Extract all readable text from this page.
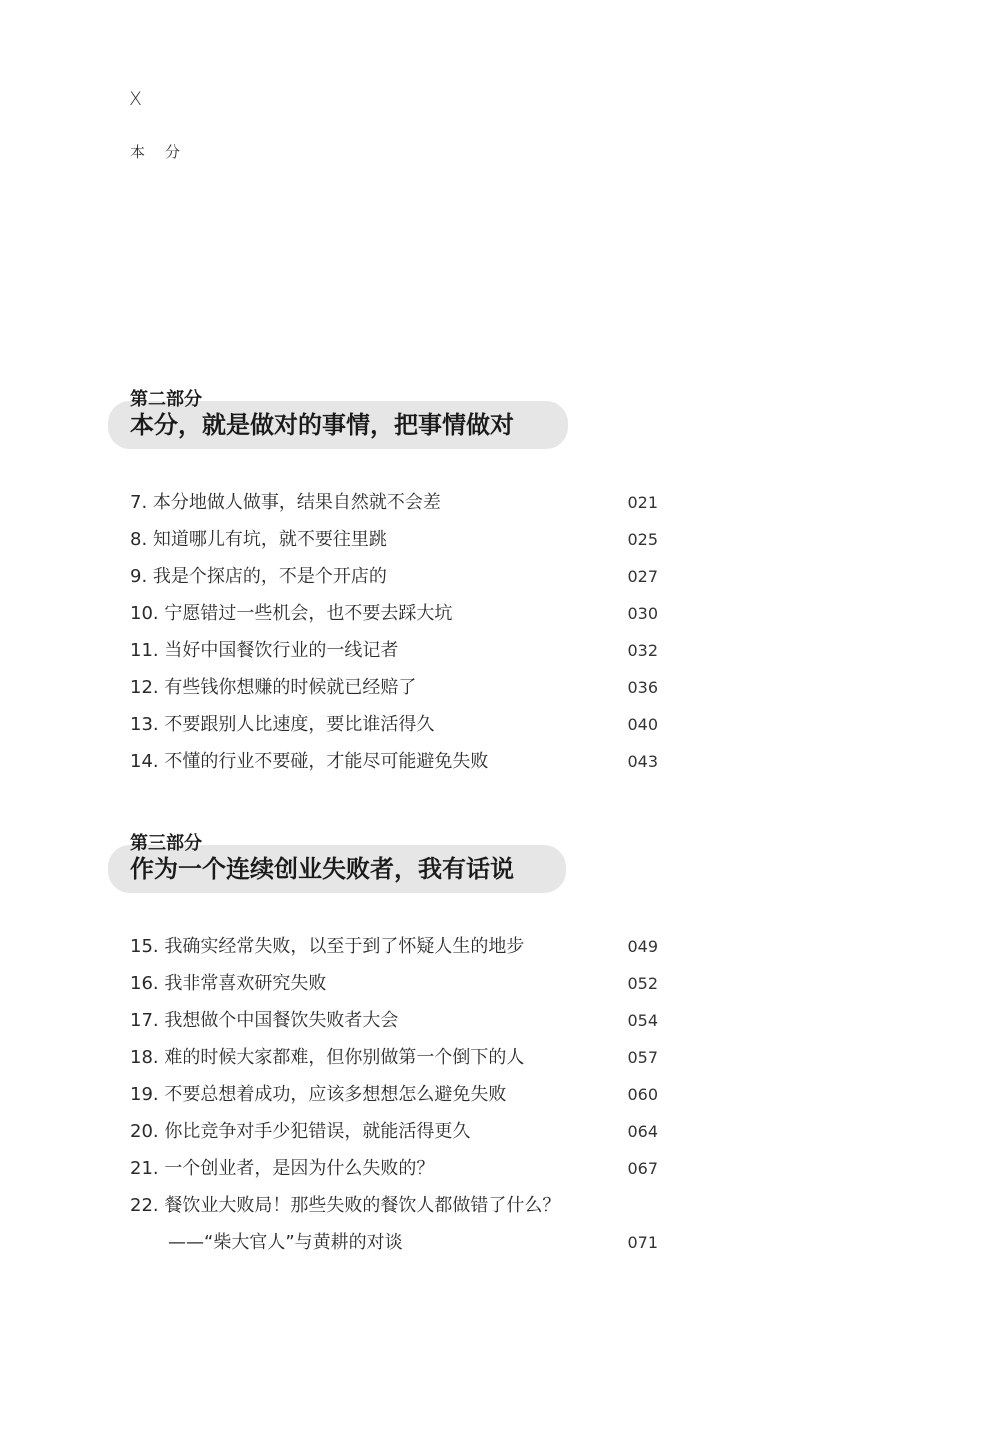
X
本分
第二部分
本分，就是做对的事情，把事情做对
7. 本分地做人做事，结果自然就不会差	021
8. 知道哪儿有坑，就不要往里跳	025
9. 我是个探店的，不是个开店的	027
10. 宁愿错过一些机会，也不要去踩大坑	030
11. 当好中国餐饮行业的一线记者	032
12. 有些钱你想赚的时候就已经赔了	036
13. 不要跟别人比速度，要比谁活得久	040
14. 不懂的行业不要碰，才能尽可能避免失败	043
第三部分
作为一个连续创业失败者，我有话说
15. 我确实经常失败，以至于到了怀疑人生的地步	049
16. 我非常喜欢研究失败	052
17. 我想做个中国餐饮失败者大会	054
18. 难的时候大家都难，但你别做第一个倒下的人	057
19. 不要总想着成功，应该多想想怎么避免失败	060
20. 你比竞争对手少犯错误，就能活得更久	064
21. 一个创业者，是因为什么失败的？	067
22. 餐饮业大败局！那些失败的餐饮人都做错了什么？
——“柴大官人”与黄耕的对谈	071
